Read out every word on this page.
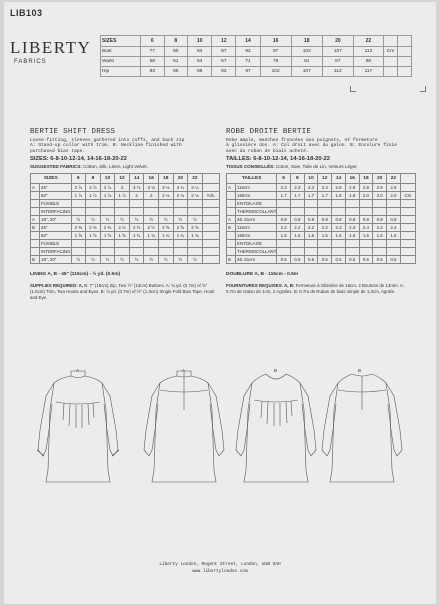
LIB103
LIBERTY
FABRICS
SIZES	6	8	10	12	14	16	18	20	22		
Bust	77	80	83	87	92	97	102	107	112	Cm	
Waist	58	61	64	67	71	76	81	87	96		
Hip	83	85	88	92	97	102	107	112	117		
BERTIE SHIFT DRESS
Loose-fitting, sleeves gathered into cuffs, and back zip
A: Stand-up collar with trim. B: Neckline finished with
purchased bias tape.
SIZES: 6-8-10-12-14, 14-16-18-20-22
SUGGESTED FABRICS: Cotton, Silk, Linen, Light Velvet.
SIZES		6	8	10	12	14	16	18	20	22	
A	45"	2 ⅞	2 ⅞	2 ⅞	3	3 ⅛	3 ⅛	3 ⅛	3 ¼	3 ¼	
	60"	1 ⅞	1 ⅞	1 ⅞	1 ⅞	2	2	2 ⅛	2 ⅛	2 ⅛	Yds.
	FUSIBLE										
	INTERFACING										
A	18", 20"	½	½	½	½	½	½	½	½	½	
B	45"	2 ⅜	2 ⅜	2 ⅜	2 ½	2 ½	2 ½	2 ⅝	2 ⅝	2 ⅝	
	60"	1 ⅝	1 ⅝	1 ⅝	1 ⅝	1 ¾	1 ¾	1 ¾	1 ¾	1 ¾	
	FUSIBLE										
	INTERFACING										
B	18", 20"	½	½	½	½	½	½	½	½	½	
ROBE DROITE BERTIE
Robe ample, manches froncées aux poignets, et fermeture
à glissière dos. A: Col droit avec du galon. B: Encolure finie
avec du ruban de biais acheté.
TAILLES: 6-8-10-12-14, 14-16-18-20-22
TISSUS CONSEILLÉS: Coton, Soie, Toile de Lin, Velours Léger.
TAILLES		6	8	10	12	14	16	18	20	22	
A	115cm	2.3	2.3	2.3	2.3	2.8	2.9	2.9	2.9	2.9	
	150cm	1.7	1.7	1.7	1.7	1.8	1.8	2.0	2.0	2.0	Cm
	ENTOILAGE										
	THERMOCOLLANT										
A	46, 51cm	0.8	0.8	0.8	0.8	0.8	0.8	0.8	0.8	0.8	
B	115cm	2.2	2.2	2.2	2.2	2.3	2.3	2.4	2.4	2.4	
	150cm	1.5	1.5	1.5	1.5	1.6	1.6	1.6	1.6	1.6	
	ENTOILAGE										
	THERMOCOLLANT										
B	46, 51cm	0.5	0.5	0.5	0.5	0.5	0.5	0.5	0.5	0.5	
LINING A, B - 45" (115cm) - ½ yd. (0.5m)
SUPPLIES REQUIRED: A, B: 7" (18cm) Zip, Two ½" (13cm) Buttons. A: ¾ yd. (0.7m) of ⅝" (1.5cm) Trim, Two Hooks and Eyes. B: ⅞ yd. (0.7m) of ½" (1.3cm) Single Fold Bias Tape, Hook and Eye.
DOUBLURE A, B - 115cm - 0.5m
FOURNITURES REQUISES: A, B: Fermeture à Glissière de 18cm, 2 Boutons de 13mm. A: 0.7m de Galon de 1cm, 2 Agrafes. B: 0.7m de Ruban de biais simple de 1.3cm, Agrafe.
A	A	B	B
Liberty London, Regent Street, London, W1B 5AH
www.libertylondon.com
